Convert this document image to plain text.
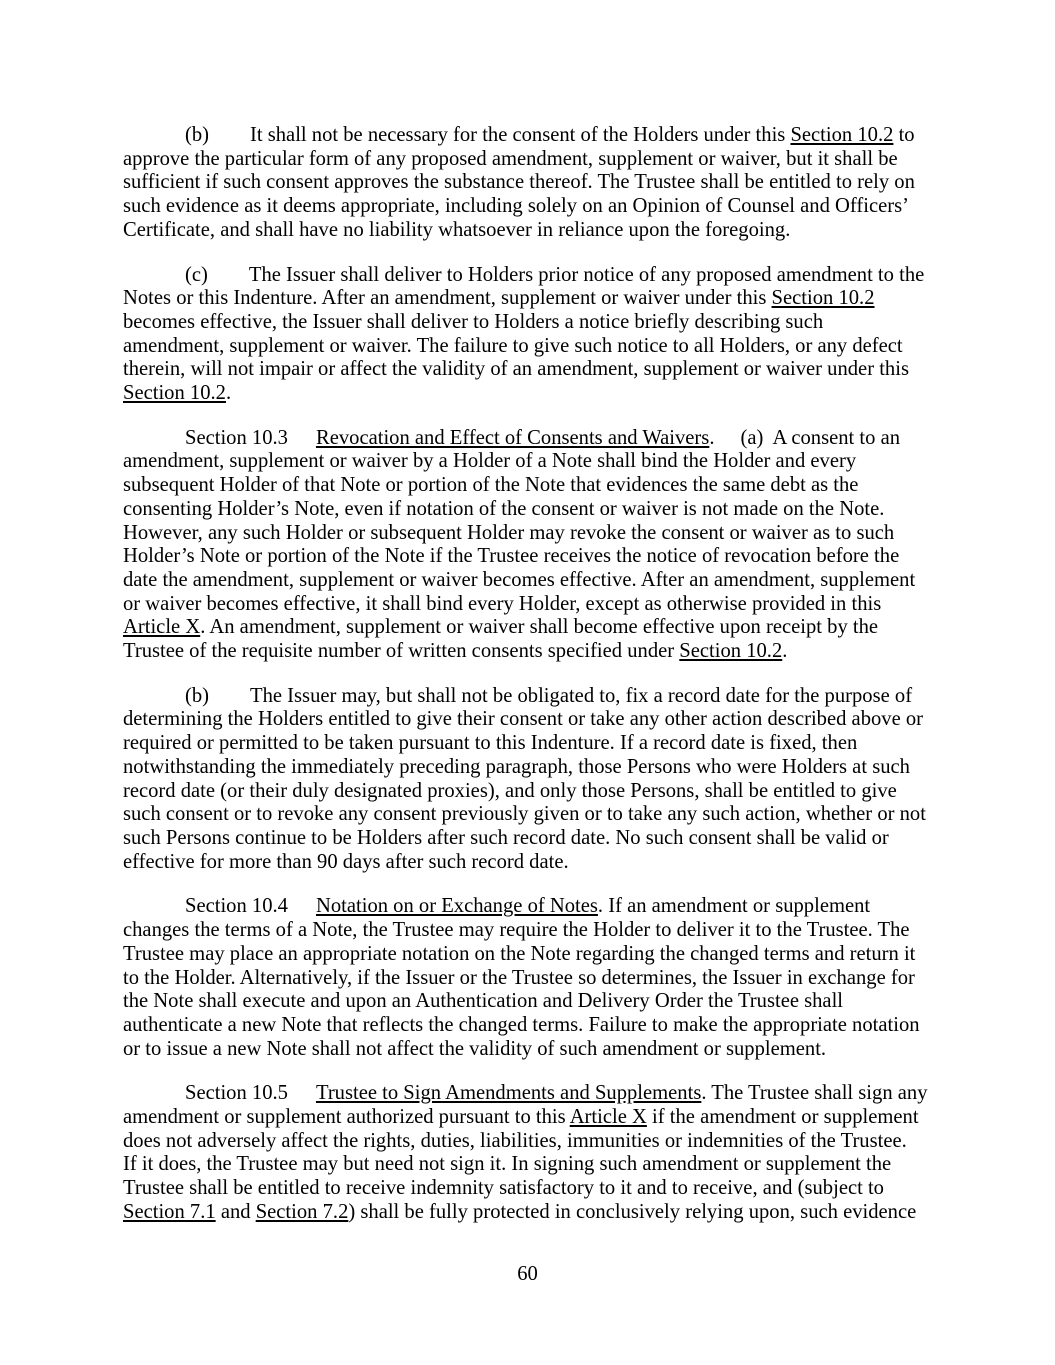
(b) It shall not be necessary for the consent of the Holders under this Section 10.2 to
approve the particular form of any proposed amendment, supplement or waiver, but it shall be
sufficient if such consent approves the substance thereof. The Trustee shall be entitled to rely on
such evidence as it deems appropriate, including solely on an Opinion of Counsel and Officers’
Certificate, and shall have no liability whatsoever in reliance upon the foregoing.
(c) The Issuer shall deliver to Holders prior notice of any proposed amendment to the
Notes or this Indenture. After an amendment, supplement or waiver under this Section 10.2
becomes effective, the Issuer shall deliver to Holders a notice briefly describing such
amendment, supplement or waiver. The failure to give such notice to all Holders, or any defect
therein, will not impair or affect the validity of an amendment, supplement or waiver under this
Section 10.2.
Section 10.3 Revocation and Effect of Consents and Waivers. (a)  A consent to an
amendment, supplement or waiver by a Holder of a Note shall bind the Holder and every
subsequent Holder of that Note or portion of the Note that evidences the same debt as the
consenting Holder’s Note, even if notation of the consent or waiver is not made on the Note.
However, any such Holder or subsequent Holder may revoke the consent or waiver as to such
Holder’s Note or portion of the Note if the Trustee receives the notice of revocation before the
date the amendment, supplement or waiver becomes effective. After an amendment, supplement
or waiver becomes effective, it shall bind every Holder, except as otherwise provided in this
Article X. An amendment, supplement or waiver shall become effective upon receipt by the
Trustee of the requisite number of written consents specified under Section 10.2.
(b) The Issuer may, but shall not be obligated to, fix a record date for the purpose of
determining the Holders entitled to give their consent or take any other action described above or
required or permitted to be taken pursuant to this Indenture. If a record date is fixed, then
notwithstanding the immediately preceding paragraph, those Persons who were Holders at such
record date (or their duly designated proxies), and only those Persons, shall be entitled to give
such consent or to revoke any consent previously given or to take any such action, whether or not
such Persons continue to be Holders after such record date. No such consent shall be valid or
effective for more than 90 days after such record date.
Section 10.4 Notation on or Exchange of Notes. If an amendment or supplement
changes the terms of a Note, the Trustee may require the Holder to deliver it to the Trustee. The
Trustee may place an appropriate notation on the Note regarding the changed terms and return it
to the Holder. Alternatively, if the Issuer or the Trustee so determines, the Issuer in exchange for
the Note shall execute and upon an Authentication and Delivery Order the Trustee shall
authenticate a new Note that reflects the changed terms. Failure to make the appropriate notation
or to issue a new Note shall not affect the validity of such amendment or supplement.
Section 10.5 Trustee to Sign Amendments and Supplements. The Trustee shall sign any
amendment or supplement authorized pursuant to this Article X if the amendment or supplement
does not adversely affect the rights, duties, liabilities, immunities or indemnities of the Trustee.
If it does, the Trustee may but need not sign it. In signing such amendment or supplement the
Trustee shall be entitled to receive indemnity satisfactory to it and to receive, and (subject to
Section 7.1 and Section 7.2) shall be fully protected in conclusively relying upon, such evidence
60
